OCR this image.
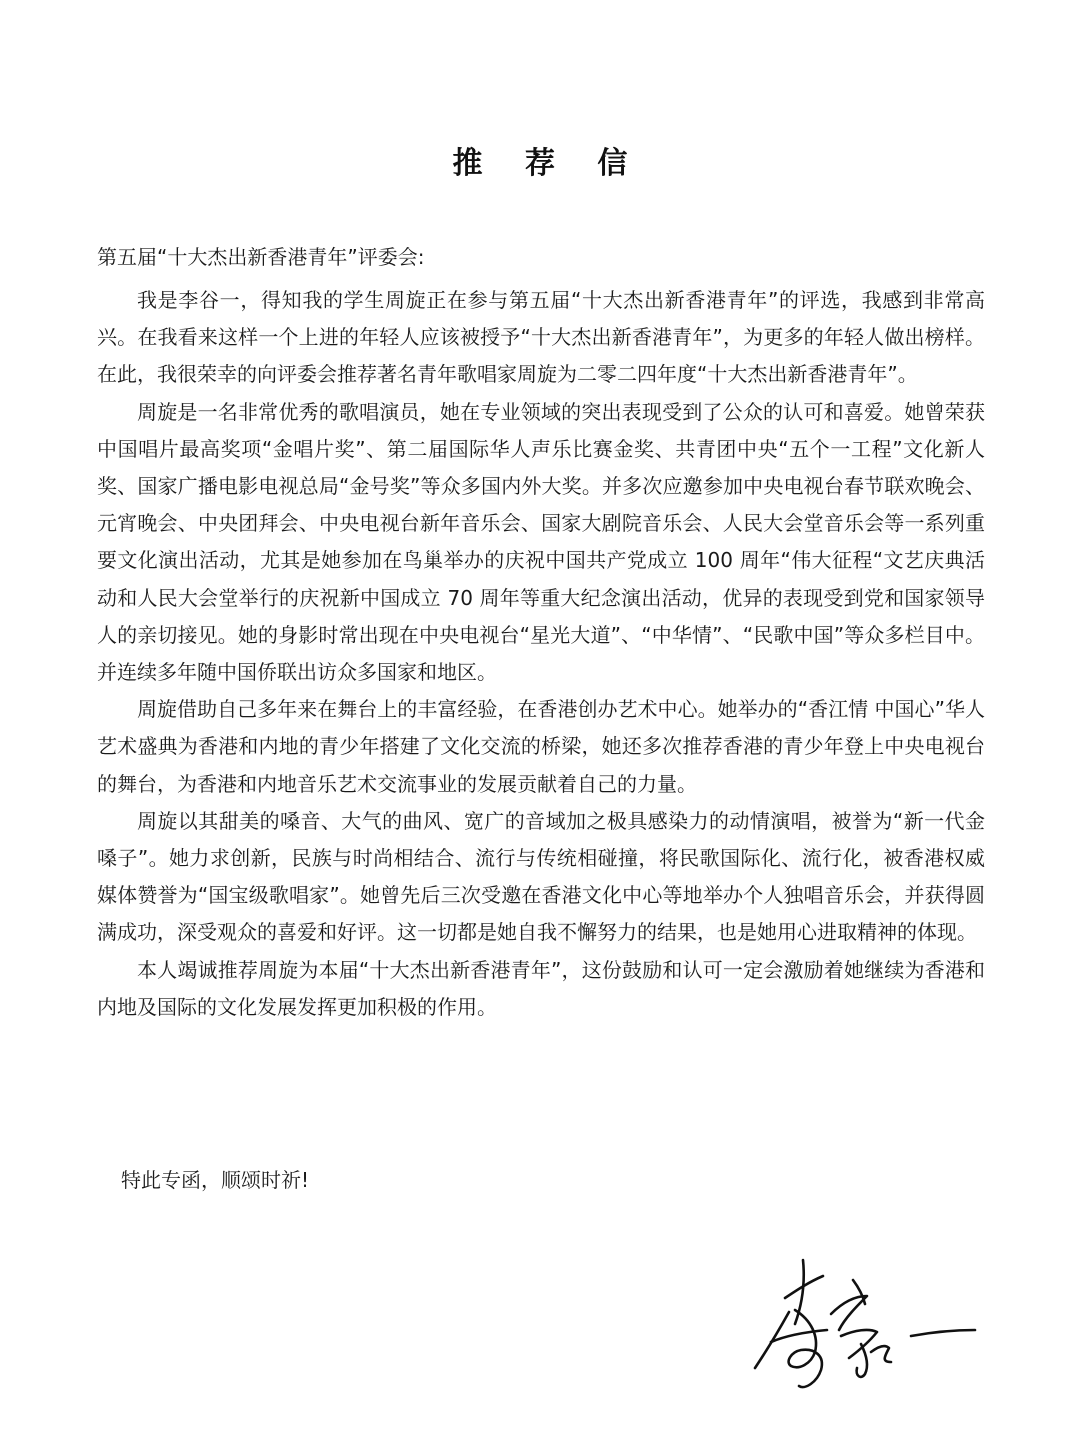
推 荐 信
第五届“十大杰出新香港青年”评委会:

我是李谷一，得知我的学生周旋正在参与第五届“十大杰出新香港青年”的评选，我感到非常高兴。在我看来这样一个上进的年轻人应该被授予“十大杰出新香港青年”，为更多的年轻人做出榜样。在此，我很荣幸的向评委会推荐著名青年歌唱家周旋为二零二四年度“十大杰出新香港青年”。

周旋是一名非常优秀的歌唱演员，她在专业领域的突出表现受到了公众的认可和喜爱。她曾荣获中国唱片最高奖项“金唱片奖”、第二届国际华人声乐比赛金奖、共青团中央“五个一工程”文化新人奖、国家广播电影电视总局“金号奖”等众多国内外大奖。并多次应邀参加中央电视台春节联欢晚会、元宵晚会、中央团拜会、中央电视台新年音乐会、国家大剧院音乐会、人民大会堂音乐会等一系列重要文化演出活动，尤其是她参加在鸟巢举办的庆祝中国共产党成立 100 周年“伟大征程“文艺庆典活动和人民大会堂举行的庆祝新中国成立 70 周年等重大纪念演出活动，优异的表现受到党和国家领导人的亲切接见。她的身影时常出现在中央电视台“星光大道”、“中华情”、“民歌中国”等众多栏目中。并连续多年随中国侨联出访众多国家和地区。

周旋借助自己多年来在舞台上的丰富经验，在香港创办艺术中心。她举办的“香江情 中国心”华人艺术盛典为香港和内地的青少年搭建了文化交流的桥梁，她还多次推荐香港的青少年登上中央电视台的舞台，为香港和内地音乐艺术交流事业的发展贡献着自己的力量。

周旋以其甜美的嗓音、大气的曲风、宽广的音域加之极具感染力的动情演唱，被誉为“新一代金嗓子”。她力求创新，民族与时尚相结合、流行与传统相碰撞，将民歌国际化、流行化，被香港权威媒体赞誉为“国宝级歌唱家”。她曾先后三次受邀在香港文化中心等地举办个人独唱音乐会，并获得圆满成功，深受观众的喜爱和好评。这一切都是她自我不懈努力的结果，也是她用心进取精神的体现。

本人竭诚推荐周旋为本届“十大杰出新香港青年”，这份鼓励和认可一定会激励着她继续为香港和内地及国际的文化发展发挥更加积极的作用。

特此专函，顺颂时祈!
